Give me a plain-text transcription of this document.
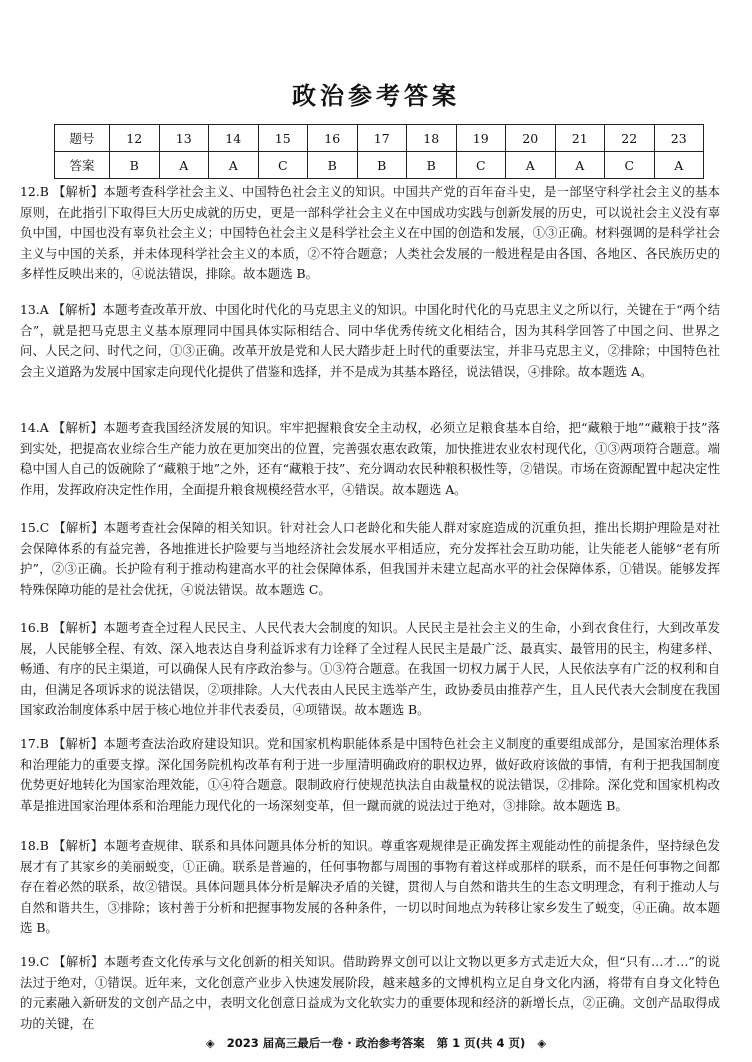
政治参考答案
题号	12	13	14	15	16	17	18	19	20	21	22	23
答案	B	A	A	C	B	B	B	C	A	A	C	A
12.B 【解析】本题考查科学社会主义、中国特色社会主义的知识。中国共产党的百年奋斗史，是一部坚守科学社会主义的基本原则，在此指引下取得巨大历史成就的历史，更是一部科学社会主义在中国成功实践与创新发展的历史，可以说社会主义没有辜负中国，中国也没有辜负社会主义；中国特色社会主义是科学社会主义在中国的创造和发展，①③正确。材料强调的是科学社会主义与中国的关系，并未体现科学社会主义的本质，②不符合题意；人类社会发展的一般进程是由各国、各地区、各民族历史的多样性反映出来的，④说法错误，排除。故本题选 B。
13.A 【解析】本题考查改革开放、中国化时代化的马克思主义的知识。中国化时代化的马克思主义之所以行，关键在于“两个结合”，就是把马克思主义基本原理同中国具体实际相结合、同中华优秀传统文化相结合，因为其科学回答了中国之问、世界之问、人民之问、时代之问，①③正确。改革开放是党和人民大踏步赶上时代的重要法宝，并非马克思主义，②排除；中国特色社会主义道路为发展中国家走向现代化提供了借鉴和选择，并不是成为其基本路径，说法错误，④排除。故本题选 A。
14.A 【解析】本题考查我国经济发展的知识。牢牢把握粮食安全主动权，必须立足粮食基本自给，把“藏粮于地”“藏粮于技”落到实处，把提高农业综合生产能力放在更加突出的位置，完善强农惠农政策，加快推进农业农村现代化，①③两项符合题意。端稳中国人自己的饭碗除了“藏粮于地”之外，还有“藏粮于技”、充分调动农民种粮积极性等，②错误。市场在资源配置中起决定性作用，发挥政府决定性作用，全面提升粮食规模经营水平，④错误。故本题选 A。
15.C 【解析】本题考查社会保障的相关知识。针对社会人口老龄化和失能人群对家庭造成的沉重负担，推出长期护理险是对社会保障体系的有益完善，各地推进长护险要与当地经济社会发展水平相适应，充分发挥社会互助功能，让失能老人能够“老有所护”，②③正确。长护险有利于推动构建高水平的社会保障体系，但我国并未建立起高水平的社会保障体系，①错误。能够发挥特殊保障功能的是社会优抚，④说法错误。故本题选 C。
16.B 【解析】本题考查全过程人民民主、人民代表大会制度的知识。人民民主是社会主义的生命，小到衣食住行，大到改革发展，人民能够全程、有效、深入地表达自身利益诉求有力诠释了全过程人民民主是最广泛、最真实、最管用的民主，构建多样、畅通、有序的民主渠道，可以确保人民有序政治参与。①③符合题意。在我国一切权力属于人民，人民依法享有广泛的权利和自由，但满足各项诉求的说法错误，②项排除。人大代表由人民民主选举产生，政协委员由推荐产生，且人民代表大会制度在我国国家政治制度体系中居于核心地位并非代表委员，④项错误。故本题选 B。
17.B 【解析】本题考查法治政府建设知识。党和国家机构职能体系是中国特色社会主义制度的重要组成部分，是国家治理体系和治理能力的重要支撑。深化国务院机构改革有利于进一步厘清明确政府的职权边界，做好政府该做的事情，有利于把我国制度优势更好地转化为国家治理效能，①④符合题意。限制政府行使规范执法自由裁量权的说法错误，②排除。深化党和国家机构改革是推进国家治理体系和治理能力现代化的一场深刻变革，但一蹴而就的说法过于绝对，③排除。故本题选 B。
18.B 【解析】本题考查规律、联系和具体问题具体分析的知识。尊重客观规律是正确发挥主观能动性的前提条件，坚持绿色发展才有了其家乡的美丽蜕变，①正确。联系是普遍的，任何事物都与周围的事物有着这样或那样的联系，而不是任何事物之间都存在着必然的联系，故②错误。具体问题具体分析是解决矛盾的关键，贯彻人与自然和谐共生的生态文明理念，有利于推动人与自然和谐共生，③排除；该村善于分析和把握事物发展的各种条件，一切以时间地点为转移让家乡发生了蜕变，④正确。故本题选 B。
19.C 【解析】本题考查文化传承与文化创新的相关知识。借助跨界文创可以让文物以更多方式走近大众，但“只有…才…”的说法过于绝对，①错误。近年来，文化创意产业步入快速发展阶段，越来越多的文博机构立足自身文化内涵，将带有自身文化特色的元素融入新研发的文创产品之中，表明文化创意日益成为文化软实力的重要体现和经济的新增长点，②正确。文创产品取得成功的关键，在
◈ 2023 届高三最后一卷 · 政治参考答案 第 1 页(共 4 页) ◈
